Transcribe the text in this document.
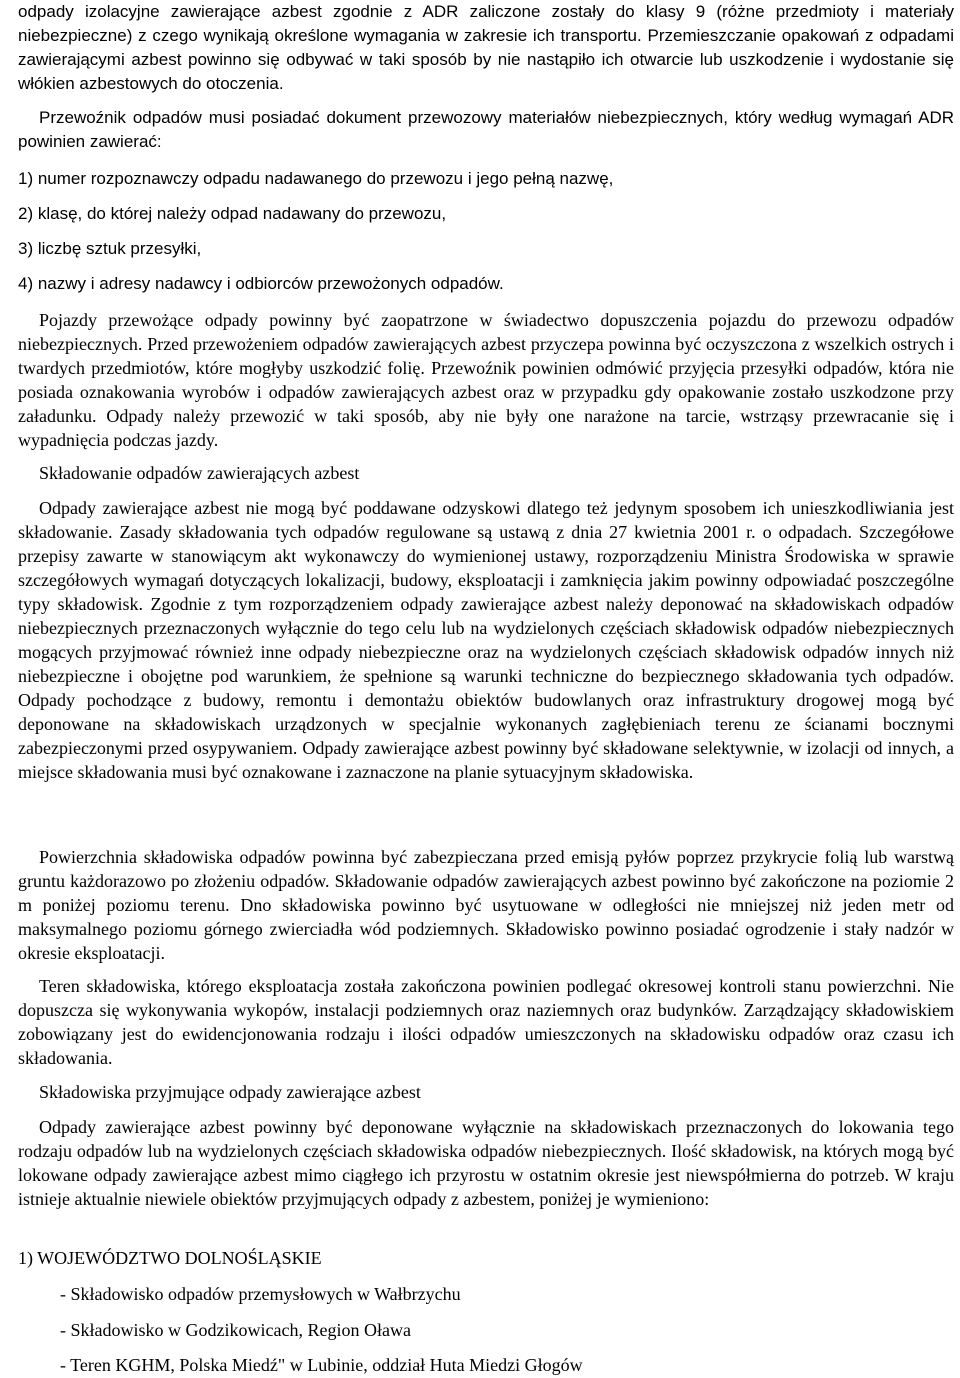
odpady izolacyjne zawierające azbest zgodnie z ADR zaliczone zostały do klasy 9 (różne przedmioty i materiały niebezpieczne) z czego wynikają określone wymagania w zakresie ich transportu. Przemieszczanie opakowań z odpadami zawierającymi azbest powinno się odbywać w taki sposób by nie nastąpiło ich otwarcie lub uszkodzenie i wydostanie się włókien azbestowych do otoczenia.

Przewoźnik odpadów musi posiadać dokument przewozowy materiałów niebezpiecznych, który według wymagań ADR powinien zawierać:

1) numer rozpoznawczy odpadu nadawanego do przewozu i jego pełną nazwę,

2) klasę, do której należy odpad nadawany do przewozu,

3) liczbę sztuk przesyłki,

4) nazwy i adresy nadawcy i odbiorców przewożonych odpadów.

Pojazdy przewożące odpady powinny być zaopatrzone w świadectwo dopuszczenia pojazdu do przewozu odpadów niebezpiecznych. Przed przewożeniem odpadów zawierających azbest przyczepa powinna być oczyszczona z wszelkich ostrych i twardych przedmiotów, które mogłyby uszkodzić folię. Przewoźnik powinien odmówić przyjęcia przesyłki odpadów, która nie posiada oznakowania wyrobów i odpadów zawierających azbest oraz w przypadku gdy opakowanie zostało uszkodzone przy załadunku. Odpady należy przewozić w taki sposób, aby nie były one narażone na tarcie, wstrząsy przewracanie się i wypadnięcia podczas jazdy.

Składowanie odpadów zawierających azbest

Odpady zawierające azbest nie mogą być poddawane odzyskowi dlatego też jedynym sposobem ich unieszkodliwiania jest składowanie. Zasady składowania tych odpadów regulowane są ustawą z dnia 27 kwietnia 2001 r. o odpadach. Szczegółowe przepisy zawarte w stanowiącym akt wykonawczy do wymienionej ustawy, rozporządzeniu Ministra Środowiska w sprawie szczegółowych wymagań dotyczących lokalizacji, budowy, eksploatacji i zamknięcia jakim powinny odpowiadać poszczególne typy składowisk. Zgodnie z tym rozporządzeniem odpady zawierające azbest należy deponować na składowiskach odpadów niebezpiecznych przeznaczonych wyłącznie do tego celu lub na wydzielonych częściach składowisk odpadów niebezpiecznych mogących przyjmować również inne odpady niebezpieczne oraz na wydzielonych częściach składowisk odpadów innych niż niebezpieczne i obojętne pod warunkiem, że spełnione są warunki techniczne do bezpiecznego składowania tych odpadów. Odpady pochodzące z budowy, remontu i demontażu obiektów budowlanych oraz infrastruktury drogowej mogą być deponowane na składowiskach urządzonych w specjalnie wykonanych zagłębieniach terenu ze ścianami bocznymi zabezpieczonymi przed osypywaniem. Odpady zawierające azbest powinny być składowane selektywnie, w izolacji od innych, a miejsce składowania musi być oznakowane i zaznaczone na planie sytuacyjnym składowiska.

Powierzchnia składowiska odpadów powinna być zabezpieczana przed emisją pyłów poprzez przykrycie folią lub warstwą gruntu każdorazowo po złożeniu odpadów. Składowanie odpadów zawierających azbest powinno być zakończone na poziomie 2 m poniżej poziomu terenu. Dno składowiska powinno być usytuowane w odległości nie mniejszej niż jeden metr od maksymalnego poziomu górnego zwierciadła wód podziemnych. Składowisko powinno posiadać ogrodzenie i stały nadzór w okresie eksploatacji.

Teren składowiska, którego eksploatacja została zakończona powinien podlegać okresowej kontroli stanu powierzchni. Nie dopuszcza się wykonywania wykopów, instalacji podziemnych oraz naziemnych oraz budynków. Zarządzający składowiskiem zobowiązany jest do ewidencjonowania rodzaju i ilości odpadów umieszczonych na składowisku odpadów oraz czasu ich składowania.

Składowiska przyjmujące odpady zawierające azbest

Odpady zawierające azbest powinny być deponowane wyłącznie na składowiskach przeznaczonych do lokowania tego rodzaju odpadów lub na wydzielonych częściach składowiska odpadów niebezpiecznych. Ilość składowisk, na których mogą być lokowane odpady zawierające azbest mimo ciągłego ich przyrostu w ostatnim okresie jest niewspółmierna do potrzeb. W kraju istnieje aktualnie niewiele obiektów przyjmujących odpady z azbestem, poniżej je wymieniono:

1) WOJEWÓDZTWO DOLNOŚLĄSKIE

- Składowisko odpadów przemysłowych w Wałbrzychu

- Składowisko w Godzikowicach, Region Oława

- Teren KGHM, Polska Miedź" w Lubinie, oddział Huta Miedzi Głogów
